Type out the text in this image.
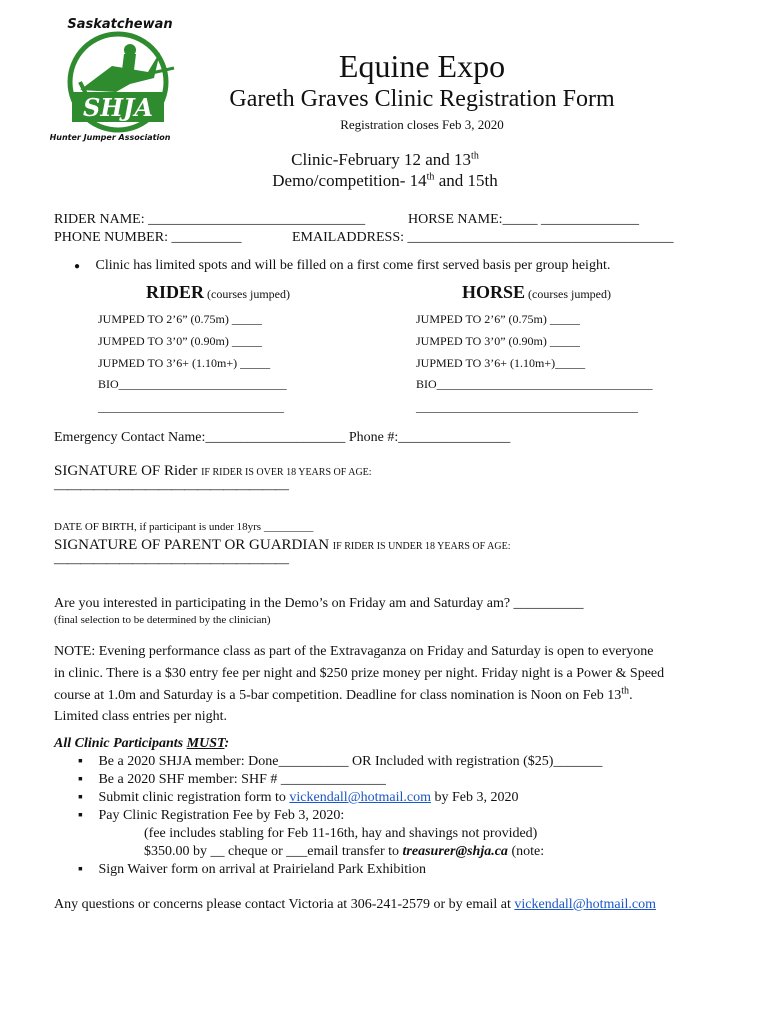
Saskatchewan
SHJA
Hunter Jumper Association
Equine Expo
Gareth Graves Clinic Registration Form
Registration closes Feb 3, 2020
Clinic-February 12 and 13th
Demo/competition- 14th and 15th
RIDER NAME: _______________________________	HORSE NAME:_____ ______________
PHONE NUMBER: __________	EMAILADDRESS: ______________________________________
● Clinic has limited spots and will be filled on a first come first served basis per group height.
RIDER (courses jumped)
JUMPED TO 2’6” (0.75m) _____
JUMPED TO 3’0” (0.90m) _____
JUPMED TO 3’6+ (1.10m+) _____
BIO____________________________
_______________________________
HORSE (courses jumped)
JUMPED TO 2’6” (0.75m) _____
JUMPED TO 3’0” (0.90m) _____
JUPMED TO 3’6+ (1.10m+)_____
BIO____________________________________
_____________________________________
Emergency Contact Name:____________________ Phone #:________________
SIGNATURE OF Rider IF RIDER IS OVER 18 YEARS OF AGE:
——————————————————
DATE OF BIRTH, if participant is under 18yrs _________
SIGNATURE OF PARENT OR GUARDIAN IF RIDER IS UNDER 18 YEARS OF AGE:
——————————————————
Are you interested in participating in the Demo’s on Friday am and Saturday am? __________
(final selection to be determined by the clinician)
NOTE: Evening performance class as part of the Extravaganza on Friday and Saturday is open to everyone
in clinic. There is a $30 entry fee per night and $250 prize money per night. Friday night is a Power & Speed
course at 1.0m and Saturday is a 5-bar competition. Deadline for class nomination is Noon on Feb 13th.
Limited class entries per night.
All Clinic Participants MUST:
▪ Be a 2020 SHJA member: Done__________ OR Included with registration ($25)_______
▪ Be a 2020 SHF member: SHF # _______________
▪ Submit clinic registration form to vickendall@hotmail.com by Feb 3, 2020
▪ Pay Clinic Registration Fee by Feb 3, 2020:
(fee includes stabling for Feb 11-16th, hay and shavings not provided)
$350.00 by __ cheque or ___email transfer to treasurer@shja.ca (note:
▪ Sign Waiver form on arrival at Prairieland Park Exhibition
Any questions or concerns please contact Victoria at 306-241-2579 or by email at vickendall@hotmail.com
